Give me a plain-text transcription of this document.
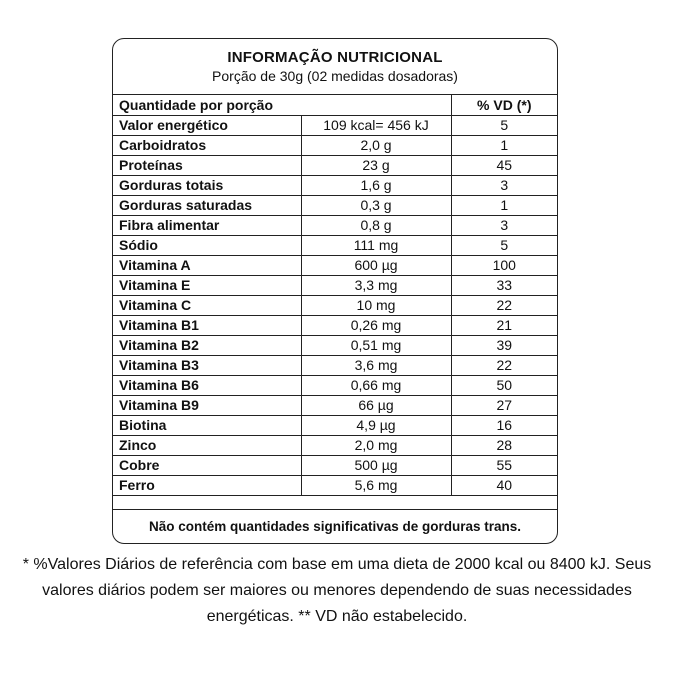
INFORMAÇÃO NUTRICIONAL
Porção de 30g (02 medidas dosadoras)
Quantidade por porção		% VD (*)
Valor energético	109 kcal= 456 kJ	5
Carboidratos	2,0 g	1
Proteínas	23 g	45
Gorduras totais	1,6 g	3
Gorduras saturadas	0,3 g	1
Fibra alimentar	0,8 g	3
Sódio	111 mg	5
Vitamina A	600 µg	100
Vitamina E	3,3 mg	33
Vitamina C	10 mg	22
Vitamina B1	0,26 mg	21
Vitamina B2	0,51 mg	39
Vitamina B3	3,6 mg	22
Vitamina B6	0,66 mg	50
Vitamina B9	66 µg	27
Biotina	4,9 µg	16
Zinco	2,0 mg	28
Cobre	500 µg	55
Ferro	5,6 mg	40
Não contém quantidades significativas de gorduras trans.
* %Valores Diários de referência com base em uma dieta de 2000 kcal ou 8400 kJ. Seus valores diários podem ser maiores ou menores dependendo de suas necessidades energéticas. ** VD não estabelecido.
